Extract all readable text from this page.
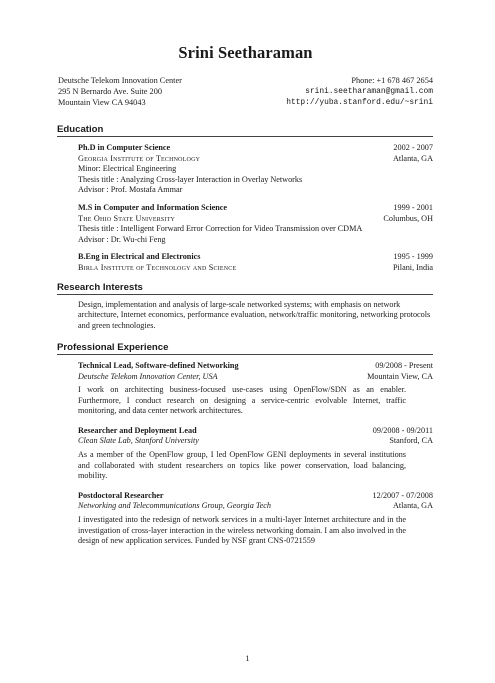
Srini Seetharaman
Deutsche Telekom Innovation Center	Phone: +1 678 467 2654
295 N Bernardo Ave. Suite 200	srini.seetharaman@gmail.com
Mountain View CA 94043	http://yuba.stanford.edu/~srini
Education
Ph.D in Computer Science	2002 - 2007
Georgia Institute of Technology	Atlanta, GA
Minor: Electrical Engineering
Thesis title : Analyzing Cross-layer Interaction in Overlay Networks
Advisor : Prof. Mostafa Ammar
M.S in Computer and Information Science	1999 - 2001
The Ohio State University	Columbus, OH
Thesis title : Intelligent Forward Error Correction for Video Transmission over CDMA
Advisor : Dr. Wu-chi Feng
B.Eng in Electrical and Electronics	1995 - 1999
Birla Institute of Technology and Science	Pilani, India
Research Interests
Design, implementation and analysis of large-scale networked systems; with emphasis on network architecture, Internet economics, performance evaluation, network/traffic monitoring, networking protocols and green technologies.
Professional Experience
Technical Lead, Software-defined Networking	09/2008 - Present
Deutsche Telekom Innovation Center, USA	Mountain View, CA
I work on architecting business-focused use-cases using OpenFlow/SDN as an enabler. Furthermore, I conduct research on designing a service-centric evolvable Internet, traffic monitoring, and data center network architectures.
Researcher and Deployment Lead	09/2008 - 09/2011
Clean Slate Lab, Stanford University	Stanford, CA
As a member of the OpenFlow group, I led OpenFlow GENI deployments in several institutions and collaborated with student researchers on topics like power conservation, load balancing, mobility.
Postdoctoral Researcher	12/2007 - 07/2008
Networking and Telecommunications Group, Georgia Tech	Atlanta, GA
I investigated into the redesign of network services in a multi-layer Internet architecture and in the investigation of cross-layer interaction in the wireless networking domain. I am also involved in the design of new application services. Funded by NSF grant CNS-0721559
1
